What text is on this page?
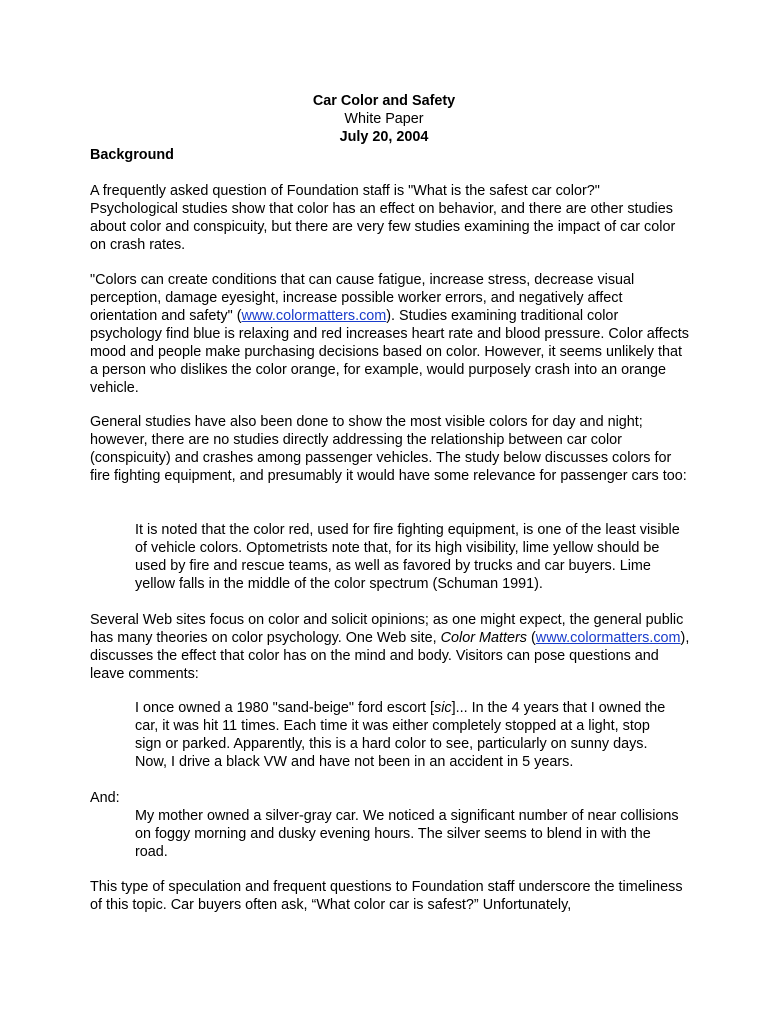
Car Color and Safety
White Paper
July 20, 2004
Background

A frequently asked question of Foundation staff is "What is the safest car color?" Psychological studies show that color has an effect on behavior, and there are other studies about color and conspicuity, but there are very few studies examining the impact of car color on crash rates.

"Colors can create conditions that can cause fatigue, increase stress, decrease visual perception, damage eyesight, increase possible worker errors, and negatively affect orientation and safety" (www.colormatters.com). Studies examining traditional color psychology find blue is relaxing and red increases heart rate and blood pressure. Color affects mood and people make purchasing decisions based on color. However, it seems unlikely that a person who dislikes the color orange, for example, would purposely crash into an orange vehicle.

General studies have also been done to show the most visible colors for day and night; however, there are no studies directly addressing the relationship between car color (conspicuity) and crashes among passenger vehicles. The study below discusses colors for fire fighting equipment, and presumably it would have some relevance for passenger cars too:

It is noted that the color red, used for fire fighting equipment, is one of the least visible of vehicle colors. Optometrists note that, for its high visibility, lime yellow should be used by fire and rescue teams, as well as favored by trucks and car buyers. Lime yellow falls in the middle of the color spectrum (Schuman 1991).

Several Web sites focus on color and solicit opinions; as one might expect, the general public has many theories on color psychology. One Web site, Color Matters (www.colormatters.com), discusses the effect that color has on the mind and body. Visitors can pose questions and leave comments:

I once owned a 1980 "sand-beige" ford escort [sic]... In the 4 years that I owned the car, it was hit 11 times. Each time it was either completely stopped at a light, stop sign or parked. Apparently, this is a hard color to see, particularly on sunny days. Now, I drive a black VW and have not been in an accident in 5 years.

And:

My mother owned a silver-gray car. We noticed a significant number of near collisions on foggy morning and dusky evening hours. The silver seems to blend in with the road.

This type of speculation and frequent questions to Foundation staff underscore the timeliness of this topic. Car buyers often ask, “What color car is safest?” Unfortunately,
